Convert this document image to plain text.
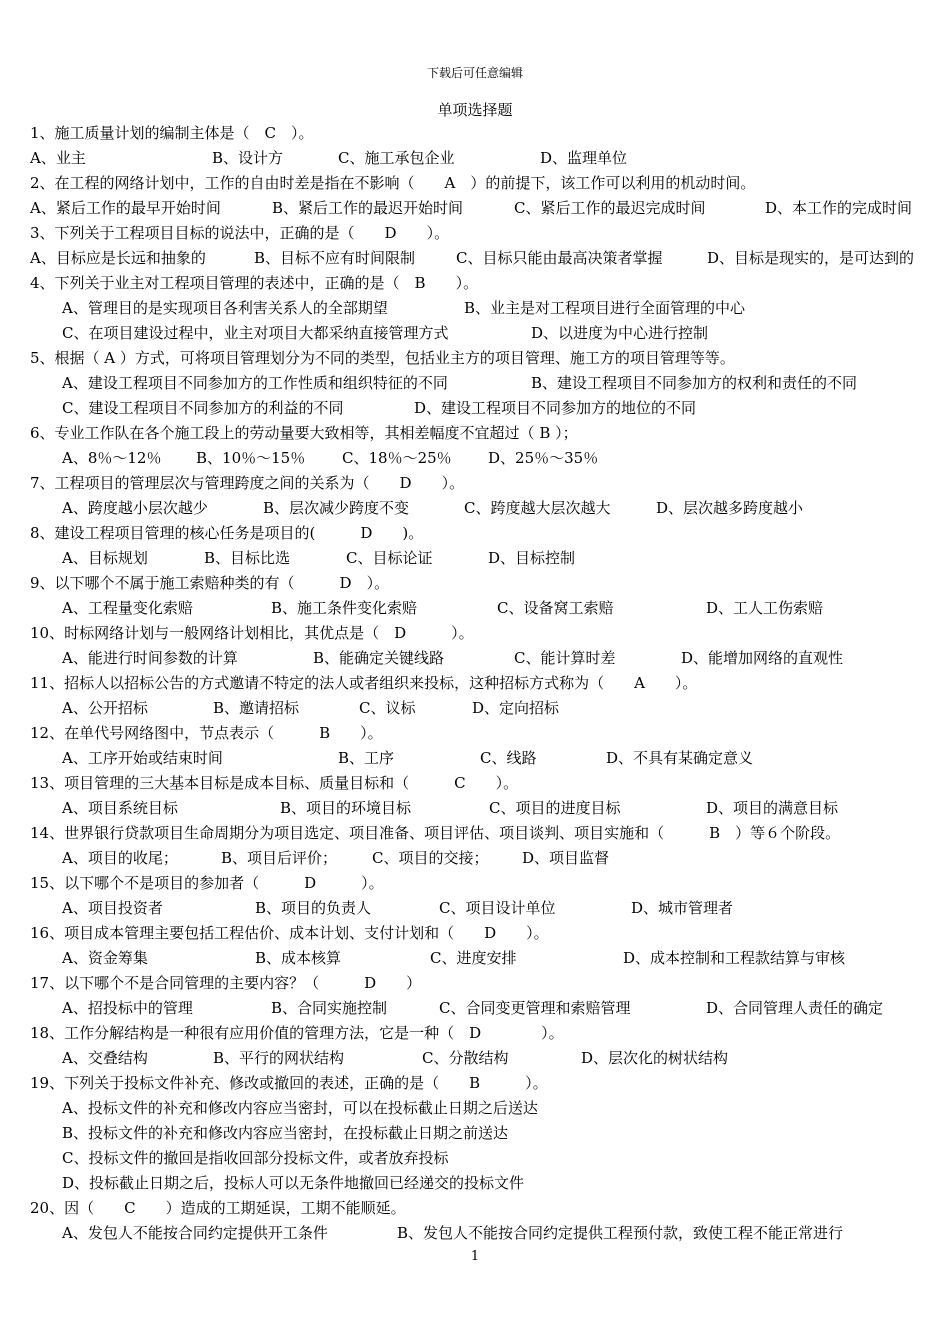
下载后可任意编辑
单项选择题
1、施工质量计划的编制主体是（　C　）。

A、业主

	B、设计方

	C、施工承包企业

	D、监理单位

2、在工程的网络计划中，工作的自由时差是指在不影响（　　A　）的前提下，该工作可以利用的机动时间。

A、紧后工作的最早开始时间

	B、紧后工作的最迟开始时间

	C、紧后工作的最迟完成时间

	D、本工作的完成时间

3、下列关于工程项目目标的说法中，正确的是（　　D　　）。

A、目标应是长远和抽象的

	B、目标不应有时间限制

	C、目标只能由最高决策者掌握

	D、目标是现实的，是可达到的

4、下列关于业主对工程项目管理的表述中，正确的是（　B　　）。

A、管理目的是实现项目各利害关系人的全部期望

	B、业主是对工程项目进行全面管理的中心

C、在项目建设过程中，业主对项目大都采纳直接管理方式

	D、以进度为中心进行控制

5、根据（ A ）方式，可将项目管理划分为不同的类型，包括业主方的项目管理、施工方的项目管理等等。

A、建设工程项目不同参加方的工作性质和组织特征的不同

	B、建设工程项目不同参加方的权利和责任的不同

C、建设工程项目不同参加方的利益的不同

	D、建设工程项目不同参加方的地位的不同

6、专业工作队在各个施工段上的劳动量要大致相等，其相差幅度不宜超过（ B ）；

A、8％～12％

B、10％～15％

C、18％～25％

D、25％～35％

7、工程项目的管理层次与管理跨度之间的关系为（　　D　　）。

A、跨度越小层次越少

	B、层次减少跨度不变

	C、跨度越大层次越大

	D、层次越多跨度越小

8、建设工程项目管理的核心任务是项目的(　　　D　　)。

A、目标规划

	B、目标比选

	C、目标论证

	D、目标控制

9、以下哪个不属于施工索赔种类的有（　　　D　）。

A、工程量变化索赔

	B、施工条件变化索赔

	C、设备窝工索赔

	D、工人工伤索赔

10、时标网络计划与一般网络计划相比，其优点是（　D　　　）。

A、能进行时间参数的计算

	B、能确定关键线路

	C、能计算时差

	D、能增加网络的直观性

11、招标人以招标公告的方式邀请不特定的法人或者组织来投标，这种招标方式称为（　　A　　）。

A、公开招标

	B、邀请招标

	C、议标

	D、定向招标

12、在单代号网络图中，节点表示（　　　B　　）。

A、工序开始或结束时间

	B、工序

	C、线路

	D、不具有某确定意义

13、项目管理的三大基本目标是成本目标、质量目标和（　　　C　　）。

A、项目系统目标

	B、项目的环境目标

	C、项目的进度目标

	D、项目的满意目标

14、世界银行贷款项目生命周期分为项目选定、项目准备、项目评估、项目谈判、项目实施和（　　　B　）等６个阶段。

A、项目的收尾；

	B、项目后评价；

C、项目的交接；

D、项目监督

15、以下哪个不是项目的参加者（　　　D　　　）。

A、项目投资者

	B、项目的负责人

	C、项目设计单位

	D、城市管理者

16、项目成本管理主要包括工程估价、成本计划、支付计划和（　　D　　）。

A、资金筹集

	B、成本核算

	C、进度安排

	D、成本控制和工程款结算与审核

17、以下哪个不是合同管理的主要内容？（　　　D　　）

A、招投标中的管理

	B、合同实施控制

	C、合同变更管理和索赔管理

	D、合同管理人责任的确定

18、工作分解结构是一种很有应用价值的管理方法，它是一种（　D　　　　）。

A、交叠结构

	B、平行的网状结构

	C、分散结构

	D、层次化的树状结构

19、下列关于投标文件补充、修改或撤回的表述，正确的是（　　B　　　）。
A、投标文件的补充和修改内容应当密封，可以在投标截止日期之后送达
B、投标文件的补充和修改内容应当密封，在投标截止日期之前送达
C、投标文件的撤回是指收回部分投标文件，或者放弃投标
D、投标截止日期之后，投标人可以无条件地撤回已经递交的投标文件
20、因（　　C　　）造成的工期延误，工期不能顺延。

A、发包人不能按合同约定提供开工条件

	B、发包人不能按合同约定提供工程预付款，致使工程不能正常进行

1
